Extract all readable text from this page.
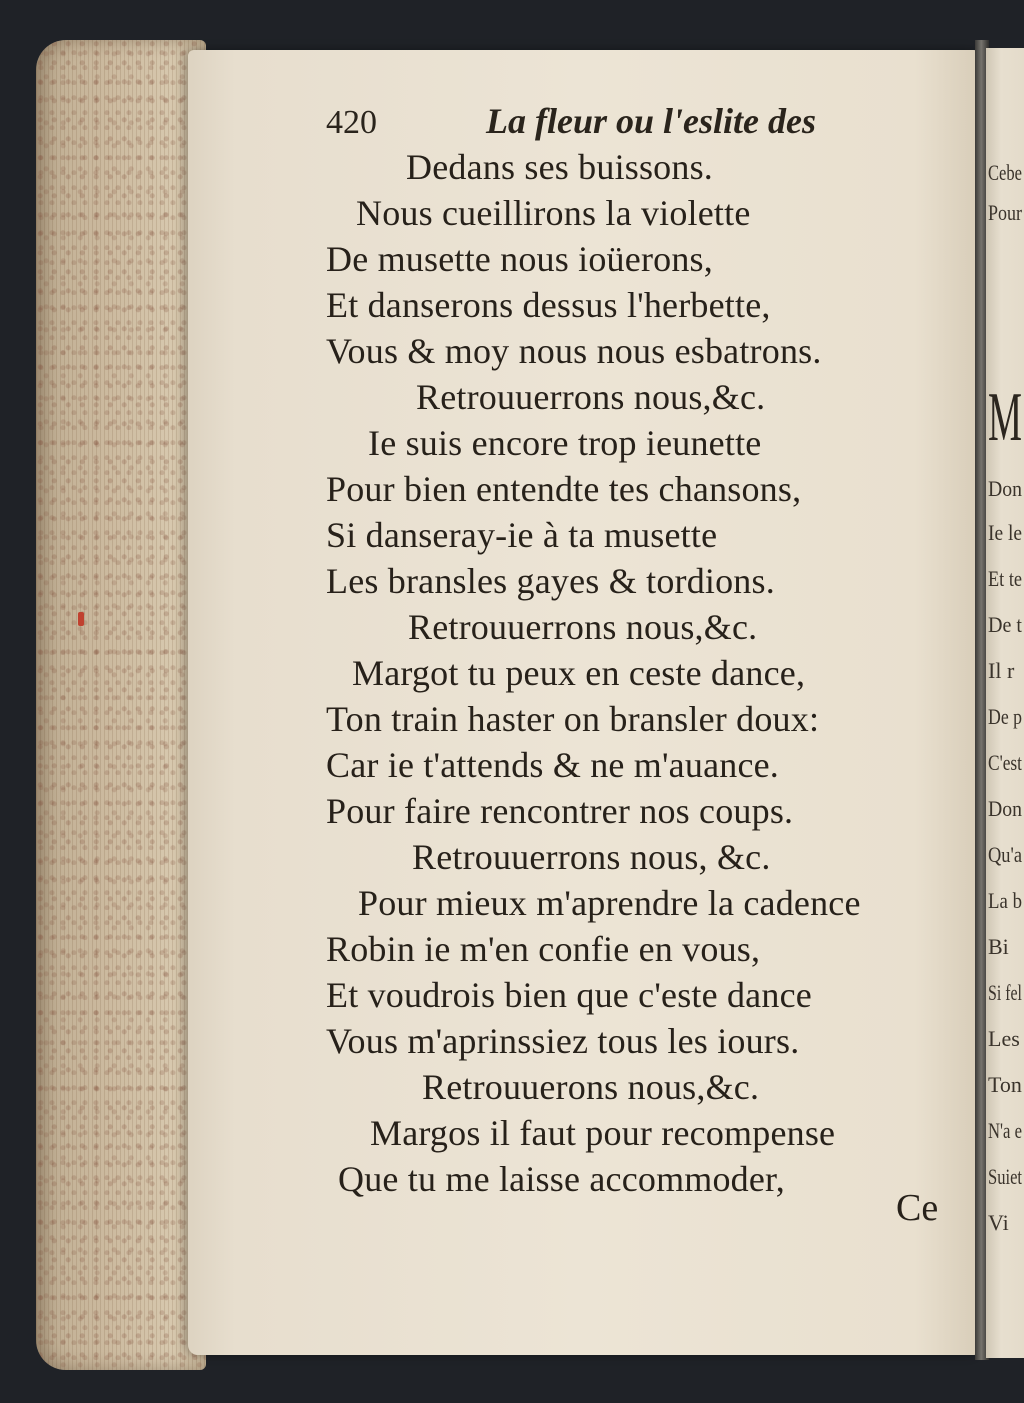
Cebe
Pour
M
Don
Ie le
Et te
De t
Il r
De p
C'est
Don
Qu'a
La b
Bi
Si fel
Les
Ton
N'a e
Suiet
Vi
420	La fleur ou l'eslite des
Dedans ses buissons.
Nous cueillirons la violette
De musette nous ioüerons,
Et danserons dessus l'herbette,
Vous & moy nous nous esbatrons.
Retrouuerrons nous,&c.
Ie suis encore trop ieunette
Pour bien entendte tes chansons,
Si danseray-ie à ta musette
Les bransles gayes & tordions.
Retrouuerrons nous,&c.
Margot tu peux en ceste dance,
Ton train haster on bransler doux:
Car ie t'attends & ne m'auance.
Pour faire rencontrer nos coups.
Retrouuerrons nous, &c.
Pour mieux m'aprendre la cadence
Robin ie m'en confie en vous,
Et voudrois bien que c'este dance
Vous m'aprinssiez tous les iours.
Retrouuerons nous,&c.
Margos il faut pour recompense
Que tu me laisse accommoder,
Ce
